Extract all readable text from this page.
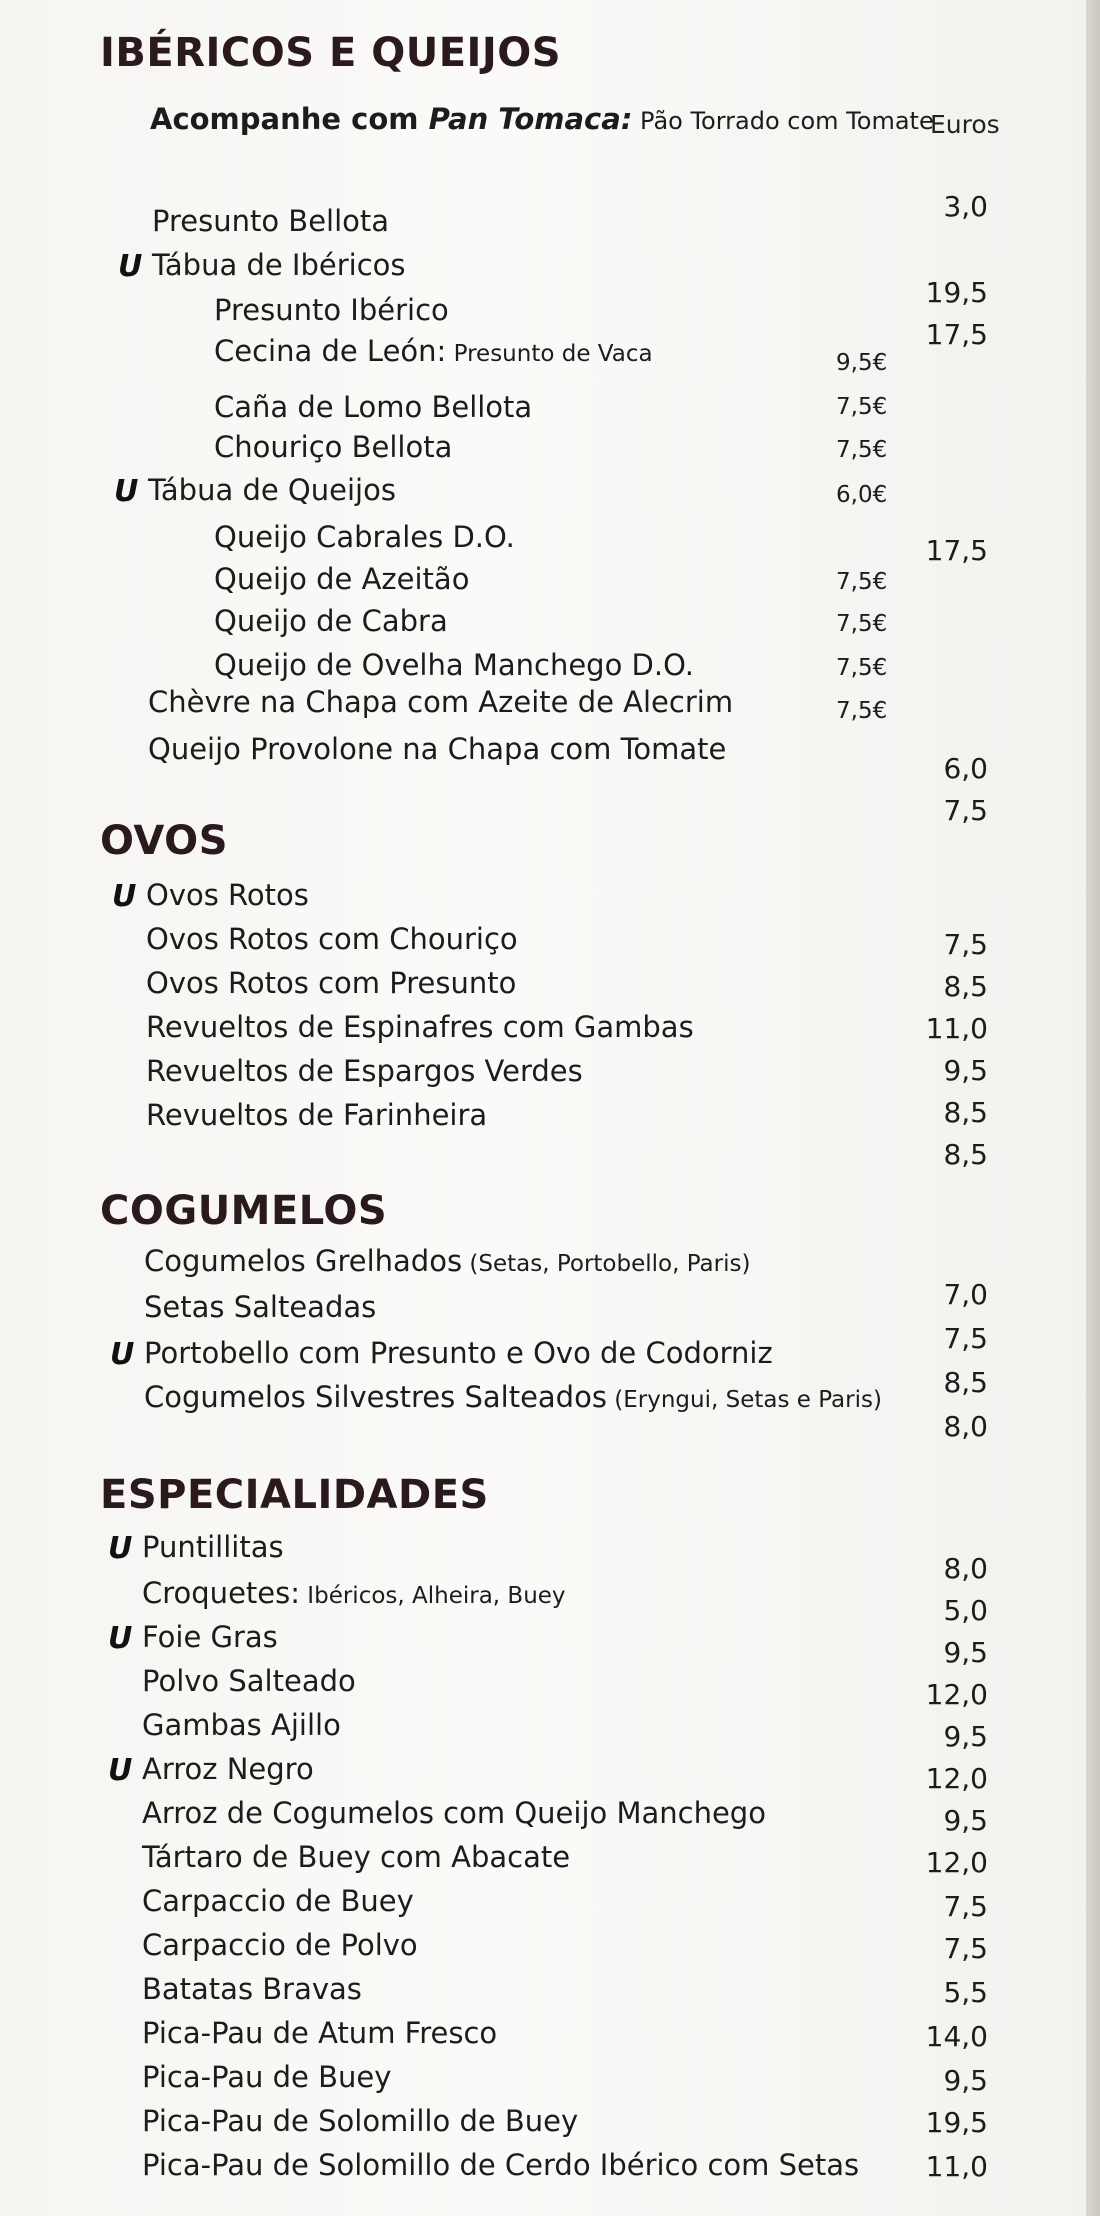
IBÉRICOS E QUEIJOS
Euros
Acompanhe com Pan Tomaca: Pão Torrado com Tomate
Presunto Bellota
U Tábua de Ibéricos
Presunto Ibérico
Cecina de León: Presunto de Vaca
Caña de Lomo Bellota
Chouriço Bellota
U Tábua de Queijos
Queijo Cabrales D.O.
Queijo de Azeitão
Queijo de Cabra
Queijo de Ovelha Manchego D.O.
Chèvre na Chapa com Azeite de Alecrim
Queijo Provolone na Chapa com Tomate
9,5€
7,5€
7,5€
6,0€
7,5€
7,5€
7,5€
7,5€
3,0
19,5
17,5
17,5
6,0
7,5
OVOS
U Ovos Rotos
Ovos Rotos com Chouriço
Ovos Rotos com Presunto
Revueltos de Espinafres com Gambas
Revueltos de Espargos Verdes
Revueltos de Farinheira
7,5
8,5
11,0
9,5
8,5
8,5
COGUMELOS
Cogumelos Grelhados (Setas, Portobello, Paris)
Setas Salteadas
U Portobello com Presunto e Ovo de Codorniz
Cogumelos Silvestres Salteados (Eryngui, Setas e Paris)
7,0
7,5
8,5
8,0
ESPECIALIDADES
U Puntillitas
Croquetes: Ibéricos, Alheira, Buey
U Foie Gras
Polvo Salteado
Gambas Ajillo
U Arroz Negro
Arroz de Cogumelos com Queijo Manchego
Tártaro de Buey com Abacate
Carpaccio de Buey
Carpaccio de Polvo
Batatas Bravas
Pica-Pau de Atum Fresco
Pica-Pau de Buey
Pica-Pau de Solomillo de Buey
Pica-Pau de Solomillo de Cerdo Ibérico com Setas
8,0
5,0
9,5
12,0
9,5
12,0
9,5
12,0
7,5
7,5
5,5
14,0
9,5
19,5
11,0
